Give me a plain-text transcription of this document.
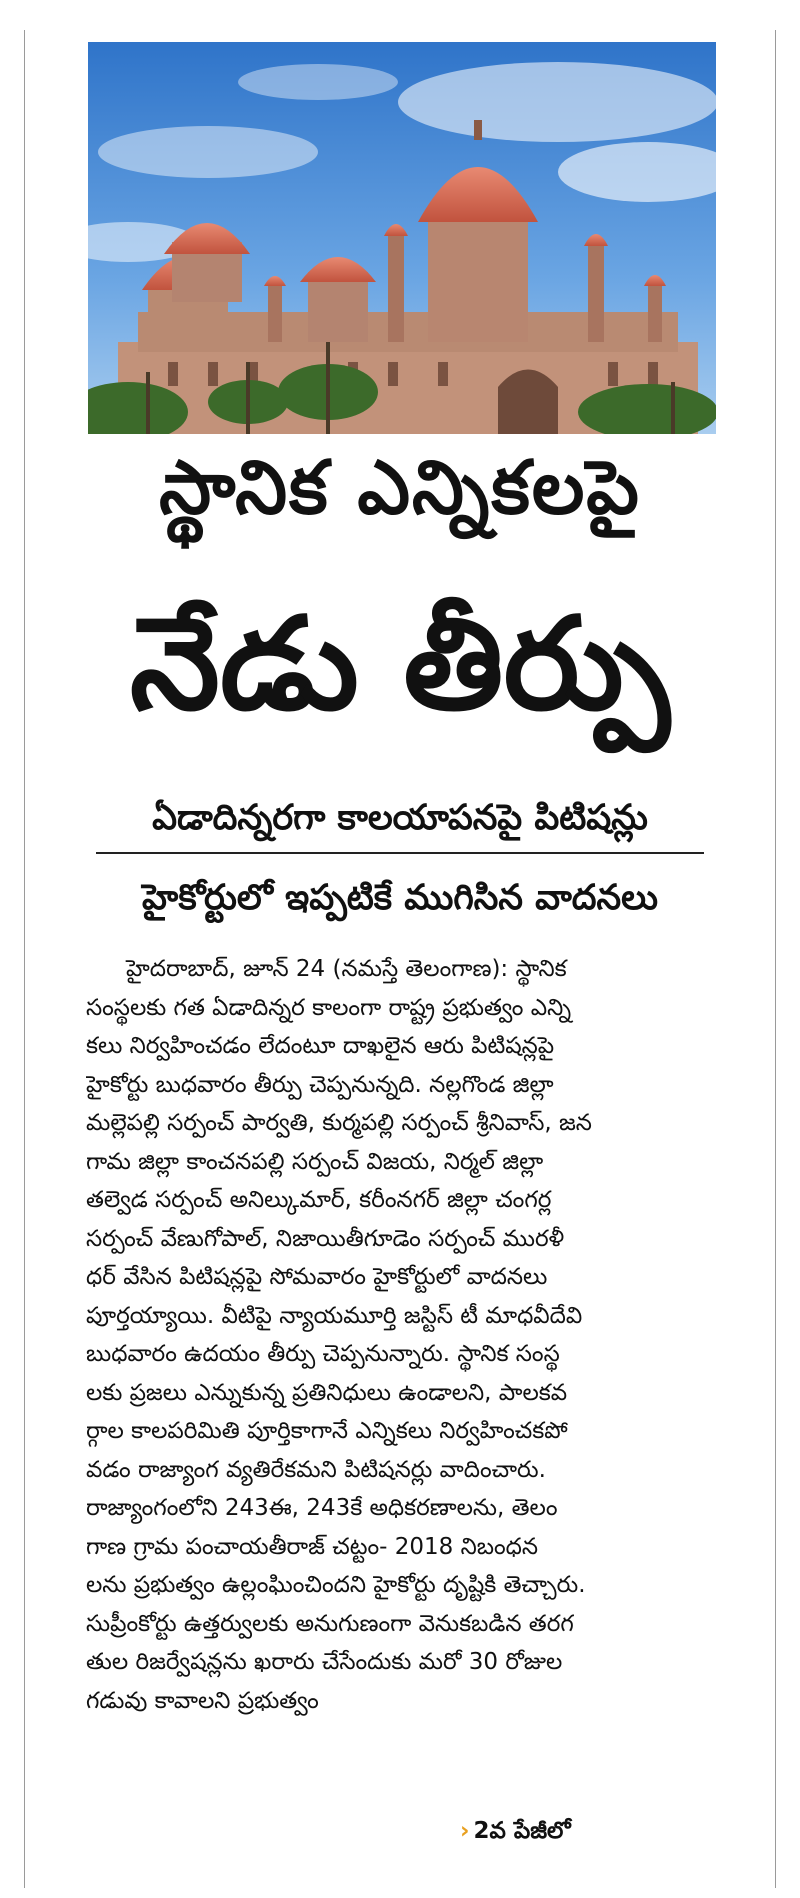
స్థానిక ఎన్నికలపై
నేడు తీర్పు
ఏడాదిన్నరగా కాలయాపనపై పిటిషన్లు
హైకోర్టులో ఇప్పటికే ముగిసిన వాదనలు
హైదరాబాద్, జూన్ 24 (నమస్తే తెలంగాణ): స్థానిక
సంస్థలకు గత ఏడాదిన్నర కాలంగా రాష్ట్ర ప్రభుత్వం ఎన్ని
కలు నిర్వహించడం లేదంటూ దాఖలైన ఆరు పిటిషన్లపై
హైకోర్టు బుధవారం తీర్పు చెప్పనున్నది. నల్లగొండ జిల్లా
మల్లెపల్లి సర్పంచ్ పార్వతి, కుర్మపల్లి సర్పంచ్ శ్రీనివాస్, జన
గామ జిల్లా కాంచనపల్లి సర్పంచ్ విజయ, నిర్మల్ జిల్లా
తల్వెడ సర్పంచ్ అనిల్కుమార్, కరీంనగర్ జిల్లా చంగర్ల
సర్పంచ్ వేణుగోపాల్, నిజాయితీగూడెం సర్పంచ్ మురళీ
ధర్ వేసిన పిటిషన్లపై సోమవారం హైకోర్టులో వాదనలు
పూర్తయ్యాయి. వీటిపై న్యాయమూర్తి జస్టిస్ టీ మాధవీదేవి
బుధవారం ఉదయం తీర్పు చెప్పనున్నారు. స్థానిక సంస్థ
లకు ప్రజలు ఎన్నుకున్న ప్రతినిధులు ఉండాలని, పాలకవ
ర్గాల కాలపరిమితి పూర్తికాగానే ఎన్నికలు నిర్వహించకపో
వడం రాజ్యాంగ వ్యతిరేకమని పిటిషనర్లు వాదించారు.
రాజ్యాంగంలోని 243ఈ, 243కే అధికరణాలను, తెలం
గాణ గ్రామ పంచాయతీరాజ్ చట్టం- 2018 నిబంధన
లను ప్రభుత్వం ఉల్లంఘించిందని హైకోర్టు దృష్టికి తెచ్చారు.
సుప్రీంకోర్టు ఉత్తర్వులకు అనుగుణంగా వెనుకబడిన తరగ
తుల రిజర్వేషన్లను ఖరారు చేసేందుకు మరో 30 రోజుల
గడువు కావాలని ప్రభుత్వం
› 2వ పేజీలో
